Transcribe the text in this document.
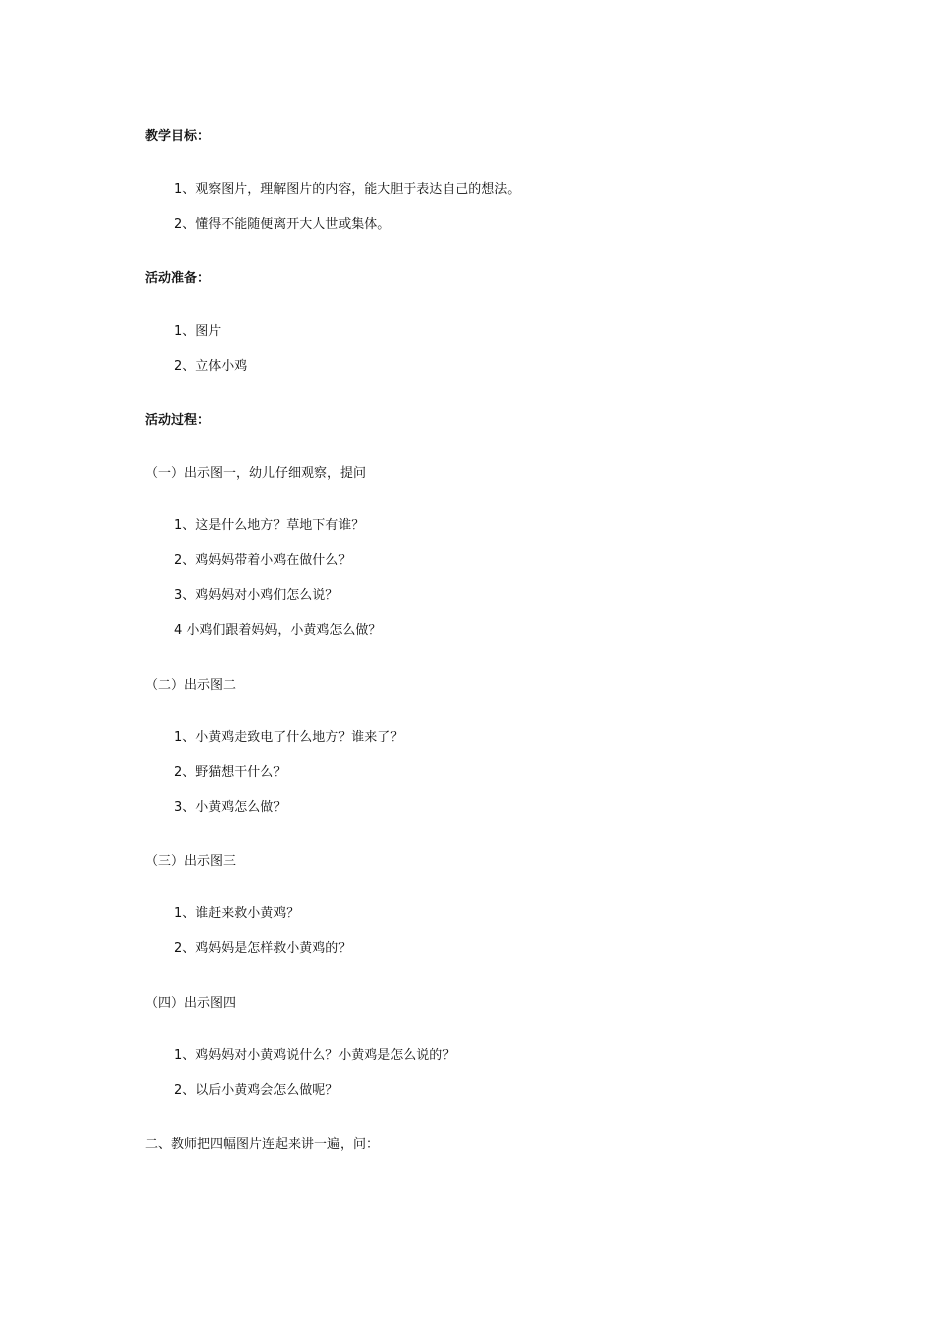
教学目标：
1、观察图片，理解图片的内容，能大胆于表达自己的想法。
2、懂得不能随便离开大人世或集体。
活动准备：
1、图片
2、立体小鸡
活动过程：
（一）出示图一，幼儿仔细观察，提问
1、这是什么地方？草地下有谁？
2、鸡妈妈带着小鸡在做什么？
3、鸡妈妈对小鸡们怎么说？
4 小鸡们跟着妈妈，小黄鸡怎么做？
（二）出示图二
1、小黄鸡走致电了什么地方？谁来了？
2、野猫想干什么？
3、小黄鸡怎么做？
（三）出示图三
1、谁赶来救小黄鸡？
2、鸡妈妈是怎样救小黄鸡的？
（四）出示图四
1、鸡妈妈对小黄鸡说什么？小黄鸡是怎么说的？
2、以后小黄鸡会怎么做呢？
二、教师把四幅图片连起来讲一遍，问：
